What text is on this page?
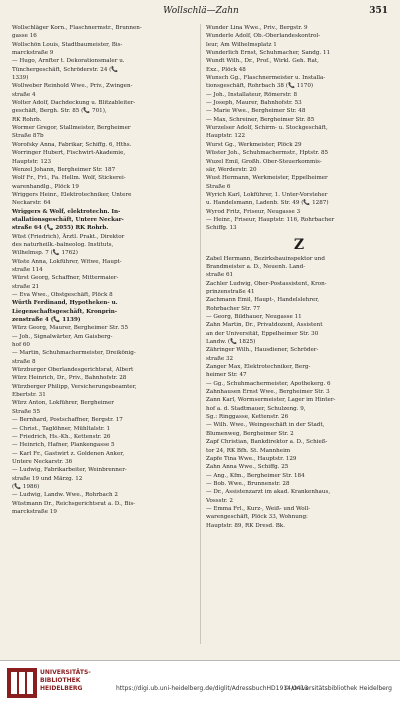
Wollschlä—Zahn	351
Wollschläger Korn., Flaschnermstr., Brunnen-
gasse 16
Wollschön Louis, Stadtbaumeister, Bis-
marckstraße 9
— Hugo, Arnfter t. Dekorationsmaler u.
Tünchergeschäft, Schröderstr. 24 (📞
1339)
Wollweber Reinhold Wwe., Priv., Zwingen-
straße 4
Wolter Adolf, Dachdeckung u. Blitzableiter-
geschäft, Bergh. Str. 85 (📞 701),
RK Rohrb.
Wormer Gregor, Stallmeister, Bergheimer
Straße 87b
Worofsky Anna, Fabrikar, Schiffg. 6, Hths.
Worringer Hubert, Fischwirt-Akademie,
Hauptstr. 123
Wenzel Johann, Bergheimer Str. 187
Wolf Fr., Frl., Fa. Hellm. Wolf, Stickerei-
warenhandlg., Plöck 19
Wriggers Heinr., Elektrotechniker, Untere
Neckarstr. 64
Wriggers & Wolf, elektrotechn. In-
stallationsgeschäft, Untere Neckar-
straße 64 (📞 2055) RK Rohrb.
Wüst (Friedrich), Ärztl. Prakt., Direktor
des naturheilk.-balneolog. Instituts,
Wilhelmsp. 7 (📞 1762)
Wüste Anna, Lokführer, Witwe, Haupt-
straße 114
Würst Georg, Schaffner, Mittermaier-
straße 21
— Eva Wwe., Obstgeschäft, Plöck 8
Würth Ferdinand, Hypotheken- u.
Liegenschaftsgeschäft, Kronprin-
zenstraße 4 (📞 1139)
Würz Georg, Maurer, Bergheimer Str. 55
— Joh., Signalwärter, Am Gaisberg-
hof 60
— Martin, Schuhmachermeister, Dreikönig-
straße 8
Würzburger Oberlandesgerichtsrat, Albert
Würz Heinrich, Dr., Priv., Bahnhofstr. 28
Würzberger Philipp, Versicherungsbeamter,
Ebertstr. 31
Würz Anton, Lokführer, Bergheimer
Straße 55
— Bernhard, Postschaffner, Bergstr. 17
— Christ., Taglöhner, Mühltalstr. 1
— Friedrich, Hs.-Kh., Kettenstr. 26
— Heinrich, Hafner, Plankengasse 5
— Karl Fr., Gastwirt z. Goldenen Anker,
Untere Neckarstr. 36
— Ludwig, Fabrikarbeiter, Weinbrenner-
straße 19 und Märzg. 12
(📞 1986)
— Ludwig, Landw. Wwe., Rohrbach 2
Wüstmann Dr., Reichsgerichtsrat a. D., Bis-
marckstraße 19
Wunder Lina Wwe., Priv., Bergstr. 9
Wunderle Adolf, Ob.-Oberlandeskontrol-
leur, Am Wilhelmsplatz 1
Wunderlich Ernst, Schuhmacher, Sandg. 11
Wundt Wilh., Dr., Prof., Wirkl. Geh. Rat,
Exz., Plöck 48
Wunsch Gg., Flaschnermeister u. Installa-
tionsgeschäft, Rohrbach 38 (📞 1170)
— Joh., Installateur, Römerstr. 8
— Joseph, Maurer, Bahnhofstr. 53
— Marie Wwe., Bergheimer Str. 48
— Max, Schreiner, Bergheimer Str. 85
Wurzelser Adolf, Schirm- u. Stockgeschäft,
Hauptstr. 122
Wurst Gg., Werkmeister, Plöck 29
Wüster Joh., Schuhmachermstr., Hptstr. 85
Wuzel Emil, Großh. Ober-Steuerkommis-
sär, Werderstr. 20
Wust Hermann, Werkmeister, Eppelheimer
Straße 6
Wyrich Karl, Lokführer, 1. Unter-Vorsteher
u. Handelsmann, Ladenb. Str. 49 (📞 1287)
Wyrod Fritz, Friseur, Neugasse 3
— Heinr., Friseur, Hauptstr. 116, Rohrbacher
Schiffg. 13
Z
Zabel Hermann, Bezirksbauinspektor und
Brandmeister a. D., Neuenh. Land-
straße 61
Zachler Ludwig, Ober-Postassistent, Kron-
prinzenstraße 41
Zachmann Emil, Haupt-, Handelslehrer,
Rohrbacher Str. 77
— Georg, Bildhauer, Neugasse 11
Zahn Martin, Dr., Privatdozent, Assistent
an der Universität, Eppelheimer Str. 30
Landw. (📞 1825)
Zähringer Wilh., Hausdiener, Schröder-
straße 32
Zanger Max, Elektrotechniker, Berg-
heimer Str. 47
— Gg., Schuhmachermeister, Apothekerg. 6
Zahnhausen Ernst Wwe., Bergheimer Str. 3
Zann Karl, Wormsermeister, Lager im Hinter-
hof a. d. Stadtmauer, Schulzeng. 9,
Sg.: Ringgasse, Kettenstr. 26
— Wilh. Wwe., Weingeschäft in der Stadt,
Blumenweg, Bergheimer Str. 2
Zapf Christian, Bankdirektor a. D., Schieß-
tor 24, RK Bfh. St. Mannheim
Zapfe Tina Wwe., Hauptstr. 129
Zahn Anna Wwe., Schiffg. 25
— Ang., Kfm., Bergheimer Str. 184
— Bob. Wwe., Brunnenstr. 28
— Dr., Assistenzarzt im akad. Krankenhaus,
Vossstr. 2
— Emma Frl., Kurz-, Weiß- und Woll-
warengeschäft, Plöck 33, Wohnung:
Hauptstr. 89, RK Dresd. Bk.
UNIVERSITÄTS-
BIBLIOTHEK
HEIDELBERG	https://digi.ub.uni-heidelberg.de/diglit/AdressbuchHD1914/0413
© Universitätsbibliothek Heidelberg
